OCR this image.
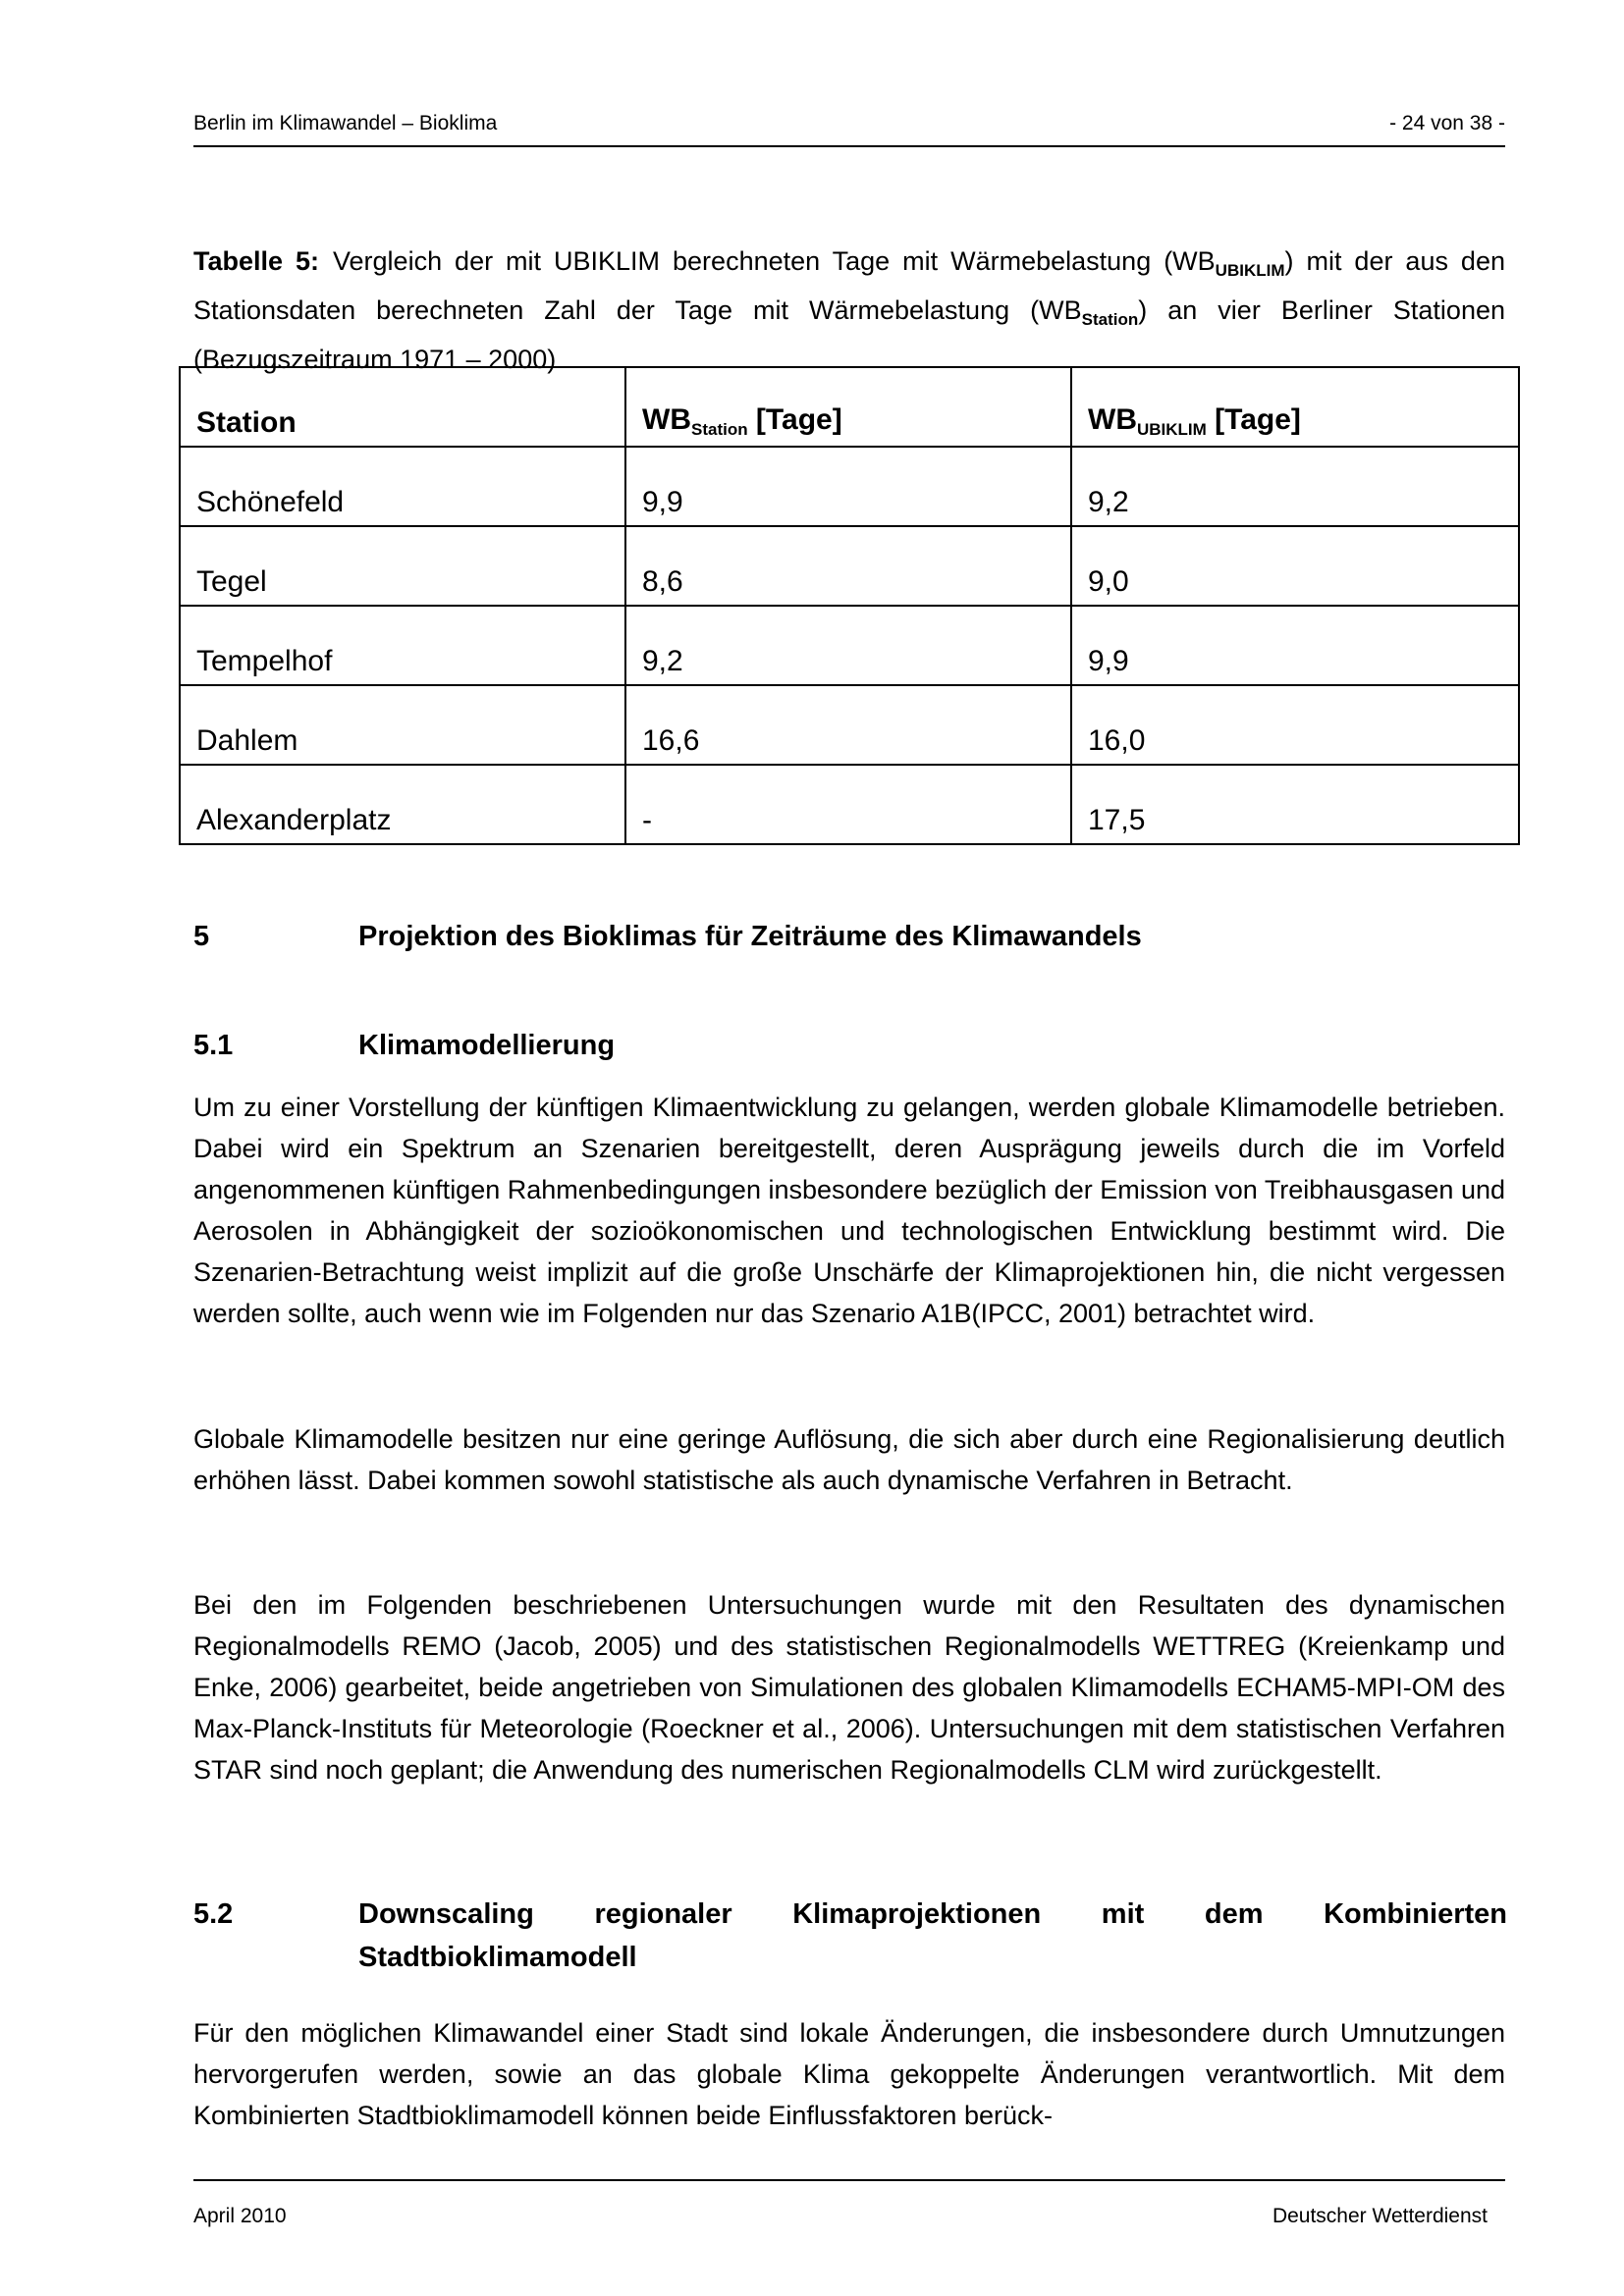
Berlin im Klimawandel – Bioklima	- 24 von 38 -
Tabelle 5: Vergleich der mit UBIKLIM berechneten Tage mit Wärmebelastung $(WB_{UBIKLIM})$ mit der aus den Stationsdaten berechneten Zahl der Tage mit Wärmebelastung $(WB_{Station})$ an vier Berliner Stationen (Bezugszeitraum 1971 – 2000)
Station	$WB_{Station}$ [Tage]	$WB_{UBIKLIM}$ [Tage]
Schönefeld	9,9	9,2
Tegel	8,6	9,0
Tempelhof	9,2	9,9
Dahlem	16,6	16,0
Alexanderplatz	-	17,5
5	Projektion des Bioklimas für Zeiträume des Klimawandels
5.1	Klimamodellierung

Um zu einer Vorstellung der künftigen Klimaentwicklung zu gelangen, werden globale Klimamodelle betrieben. Dabei wird ein Spektrum an Szenarien bereitgestellt, deren Ausprägung jeweils durch die im Vorfeld angenommenen künftigen Rahmenbedingungen insbesondere bezüglich der Emission von Treibhausgasen und Aerosolen in Abhängigkeit der sozioökonomischen und technologischen Entwicklung bestimmt wird. Die Szenarien-Betrachtung weist implizit auf die große Unschärfe der Klimaprojektionen hin, die nicht vergessen werden sollte, auch wenn wie im Folgenden nur das Szenario A1B(IPCC, 2001) betrachtet wird.

Globale Klimamodelle besitzen nur eine geringe Auflösung, die sich aber durch eine Regionalisierung deutlich erhöhen lässt. Dabei kommen sowohl statistische als auch dynamische Verfahren in Betracht.

Bei den im Folgenden beschriebenen Untersuchungen wurde mit den Resultaten des dynamischen Regionalmodells REMO (Jacob, 2005) und des statistischen Regionalmodells WETTREG (Kreienkamp und Enke, 2006) gearbeitet, beide angetrieben von Simulationen des globalen Klimamodells ECHAM5-MPI-OM des Max-Planck-Instituts für Meteorologie (Roeckner et al., 2006). Untersuchungen mit dem statistischen Verfahren STAR sind noch geplant; die Anwendung des numerischen Regionalmodells CLM wird zurückgestellt.

5.2	Downscaling regionaler Klimaprojektionen mit dem Kombinierten Stadtbioklimamodell

Für den möglichen Klimawandel einer Stadt sind lokale Änderungen, die insbesondere durch Umnutzungen hervorgerufen werden, sowie an das globale Klima gekoppelte Änderungen verantwortlich. Mit dem Kombinierten Stadtbioklimamodell können beide Einflussfaktoren berück-

April 2010	Deutscher Wetterdienst
